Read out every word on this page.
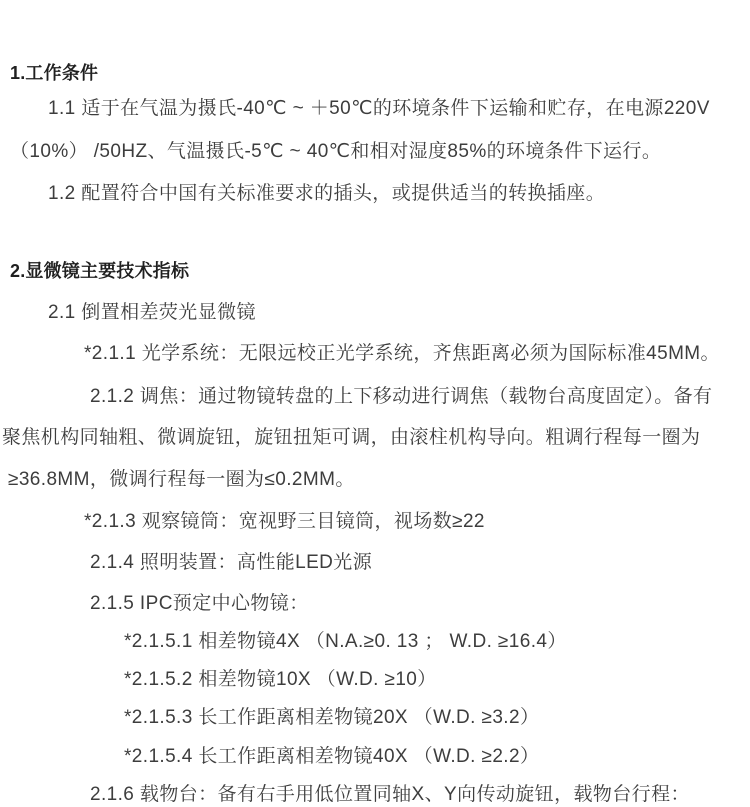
1.工作条件
1.1 适于在气温为摄氏-40℃ ~ ＋50℃的环境条件下运输和贮存，在电源220V
（10%） /50HZ、气温摄氏-5℃ ~ 40℃和相对湿度85%的环境条件下运行。
1.2 配置符合中国有关标准要求的插头，或提供适当的转换插座。
2.显微镜主要技术指标
2.1 倒置相差荧光显微镜
*2.1.1 光学系统：无限远校正光学系统，齐焦距离必须为国际标准45MM。
2.1.2 调焦：通过物镜转盘的上下移动进行调焦（载物台高度固定）。备有
聚焦机构同轴粗、微调旋钮，旋钮扭矩可调，由滚柱机构导向。粗调行程每一圈为
≥36.8MM，微调行程每一圈为≤0.2MM。
*2.1.3 观察镜筒：宽视野三目镜筒，视场数≥22
2.1.4 照明装置：高性能LED光源
2.1.5 IPC预定中心物镜：
*2.1.5.1 相差物镜4X （N.A.≥0. 13 ； W.D. ≥16.4）
*2.1.5.2 相差物镜10X （W.D. ≥10）
*2.1.5.3 长工作距离相差物镜20X （W.D. ≥3.2）
*2.1.5.4 长工作距离相差物镜40X （W.D. ≥2.2）
2.1.6 载物台：备有右手用低位置同轴X、Y向传动旋钮，载物台行程：
